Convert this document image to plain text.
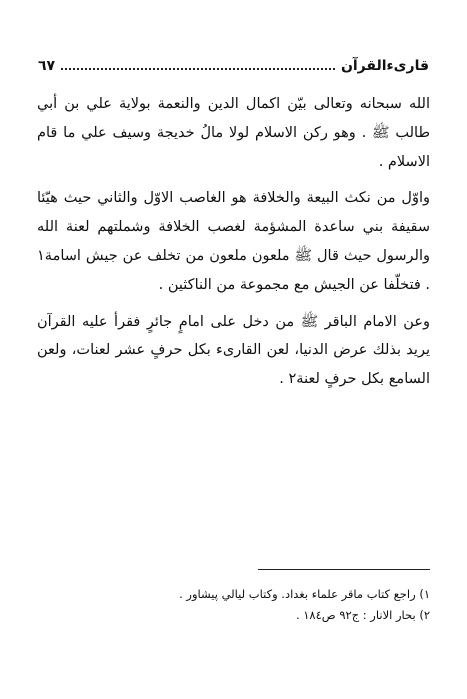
قارىءالقرآن
٦٧

الله سبحانه وتعالى بيّن اكمال الدين والنعمة بولاية علي بن أبي طالب ﷺ . وهو ركن الاسلام لولا مالُ خديجة وسيف علي ما قام الاسلام .

واوّل من نكث البيعة والخلافة هو الغاصب الاوّل والثاني حيث هيّئا سقيفة بني ساعدة المشؤمة لغصب الخلافة وشملتهم لعنة الله والرسول حيث قال ﷺ ملعون ملعون من تخلف عن جيش اسامة١ . فتخلّفا عن الجيش مع مجموعة من الناكثين .

وعن الامام الباقر ﷺ من دخل على امامٍ جائرٍ فقرأ عليه القرآن يريد بذلك عرض الدنيا، لعن القارىء بكل حرفٍ عشر لعنات، ولعن السامع بكل حرفٍ لعنة٢ .

١) راجع كتاب ماقر علماء بغداد. وكتاب ليالي پيشاور .

٢) بحار الانار : ج٩٢ ص١٨٤ .
